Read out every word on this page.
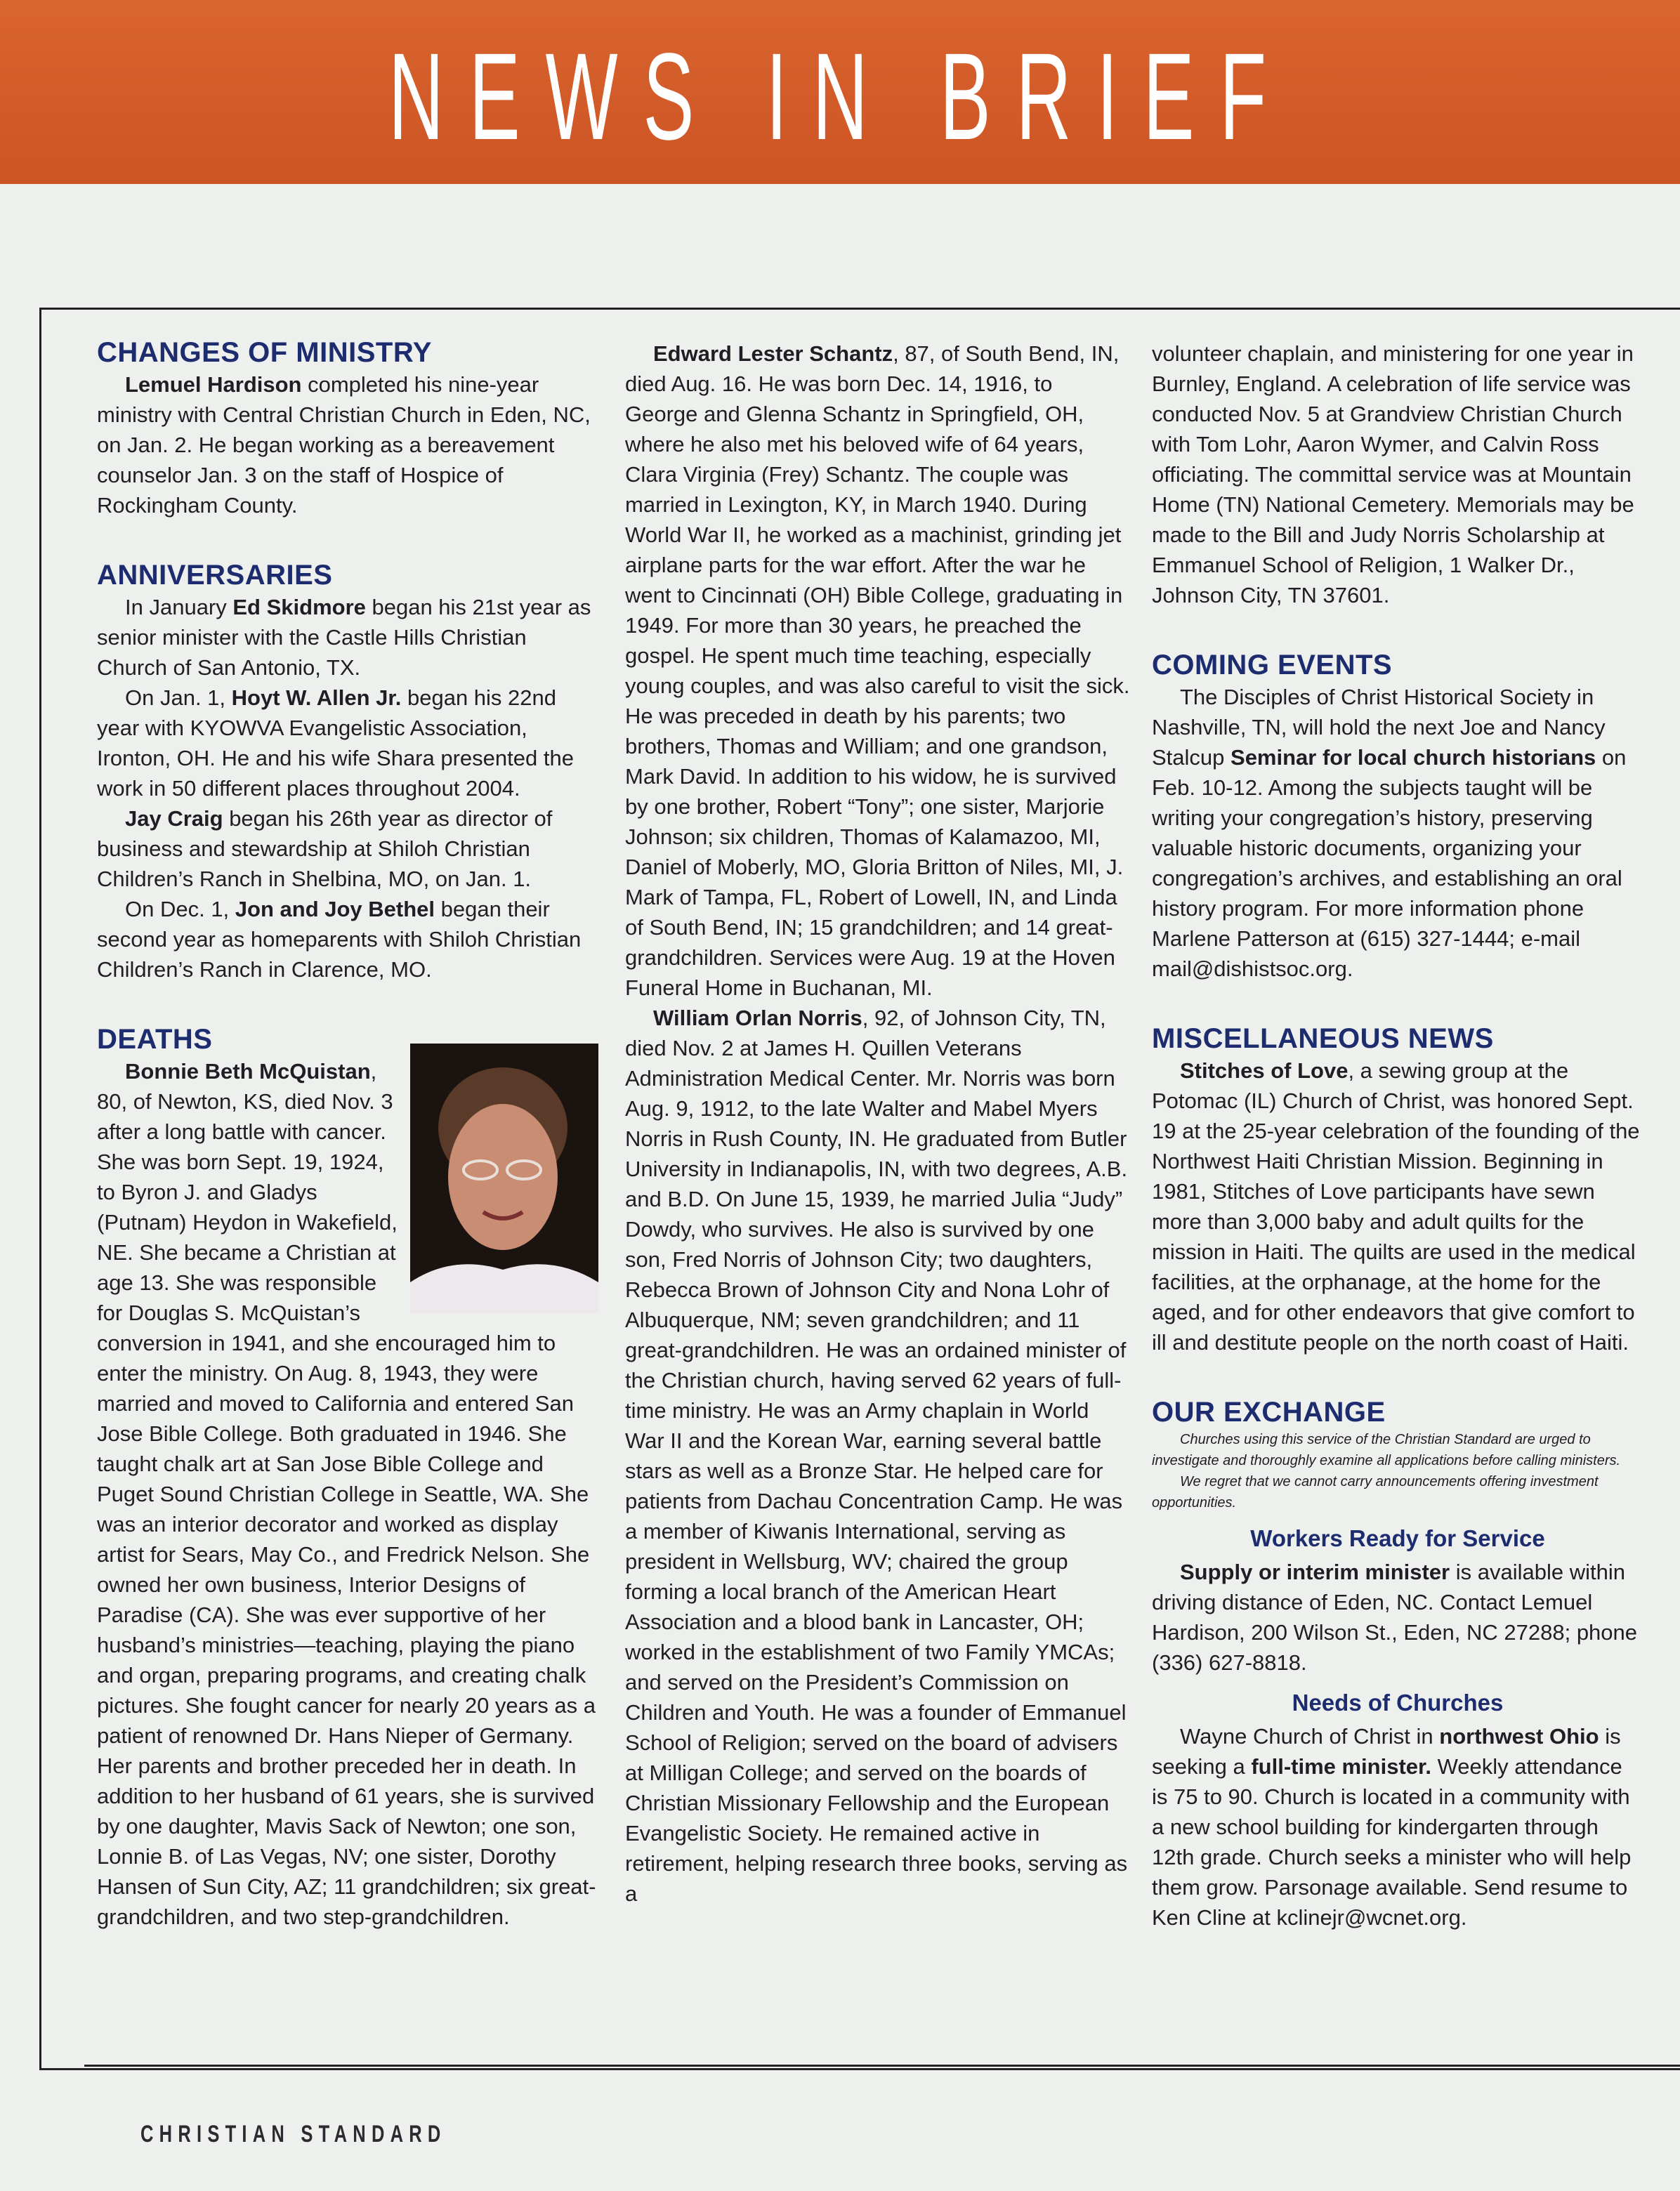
NEWS IN BRIEF
CHANGES OF MINISTRY

Lemuel Hardison completed his nine-year ministry with Central Christian Church in Eden, NC, on Jan. 2. He began working as a bereavement counselor Jan. 3 on the staff of Hospice of Rockingham County.

ANNIVERSARIES

In January Ed Skidmore began his 21st year as senior minister with the Castle Hills Christian Church of San Antonio, TX.

On Jan. 1, Hoyt W. Allen Jr. began his 22nd year with KYOWVA Evangelistic Association, Ironton, OH. He and his wife Shara presented the work in 50 different places throughout 2004.

Jay Craig began his 26th year as director of business and stewardship at Shiloh Christian Children’s Ranch in Shelbina, MO, on Jan. 1.

On Dec. 1, Jon and Joy Bethel began their second year as homeparents with Shiloh Christian Children’s Ranch in Clarence, MO.

DEATHS

Bonnie Beth McQuistan, 80, of Newton, KS, died Nov. 3 after a long battle with cancer. She was born Sept. 19, 1924, to Byron J. and Gladys (Putnam) Heydon in Wakefield, NE. She became a Christian at age 13. She was responsible for Douglas S. McQuistan’s conversion in 1941, and she encouraged him to enter the ministry. On Aug. 8, 1943, they were married and moved to California and entered San Jose Bible College. Both graduated in 1946. She taught chalk art at San Jose Bible College and Puget Sound Christian College in Seattle, WA. She was an interior decorator and worked as display artist for Sears, May Co., and Fredrick Nelson. She owned her own business, Interior Designs of Paradise (CA). She was ever supportive of her husband’s ministries—teaching, playing the piano and organ, preparing programs, and creating chalk pictures. She fought cancer for nearly 20 years as a patient of renowned Dr. Hans Nieper of Germany. Her parents and brother preceded her in death. In addition to her husband of 61 years, she is survived by one daughter, Mavis Sack of Newton; one son, Lonnie B. of Las Vegas, NV; one sister, Dorothy Hansen of Sun City, AZ; 11 grandchildren; six great-grandchildren, and two step-grandchildren.

Edward Lester Schantz, 87, of South Bend, IN, died Aug. 16. He was born Dec. 14, 1916, to George and Glenna Schantz in Springfield, OH, where he also met his beloved wife of 64 years, Clara Virginia (Frey) Schantz. The couple was married in Lexington, KY, in March 1940. During World War II, he worked as a machinist, grinding jet airplane parts for the war effort. After the war he went to Cincinnati (OH) Bible College, graduating in 1949. For more than 30 years, he preached the gospel. He spent much time teaching, especially young couples, and was also careful to visit the sick. He was preceded in death by his parents; two brothers, Thomas and William; and one grandson, Mark David. In addition to his widow, he is survived by one brother, Robert “Tony”; one sister, Marjorie Johnson; six children, Thomas of Kalamazoo, MI, Daniel of Moberly, MO, Gloria Britton of Niles, MI, J. Mark of Tampa, FL, Robert of Lowell, IN, and Linda of South Bend, IN; 15 grandchildren; and 14 great-grandchildren. Services were Aug. 19 at the Hoven Funeral Home in Buchanan, MI.

William Orlan Norris, 92, of Johnson City, TN, died Nov. 2 at James H. Quillen Veterans Administration Medical Center. Mr. Norris was born Aug. 9, 1912, to the late Walter and Mabel Myers Norris in Rush County, IN. He graduated from Butler University in Indianapolis, IN, with two degrees, A.B. and B.D. On June 15, 1939, he married Julia “Judy” Dowdy, who survives. He also is survived by one son, Fred Norris of Johnson City; two daughters, Rebecca Brown of Johnson City and Nona Lohr of Albuquerque, NM; seven grandchildren; and 11 great-grandchildren. He was an ordained minister of the Christian church, having served 62 years of full-time ministry. He was an Army chaplain in World War II and the Korean War, earning several battle stars as well as a Bronze Star. He helped care for patients from Dachau Concentration Camp. He was a member of Kiwanis International, serving as president in Wellsburg, WV; chaired the group forming a local branch of the American Heart Association and a blood bank in Lancaster, OH; worked in the establishment of two Family YMCAs; and served on the President’s Commission on Children and Youth. He was a founder of Emmanuel School of Religion; served on the board of advisers at Milligan College; and served on the boards of Christian Missionary Fellowship and the European Evangelistic Society. He remained active in retirement, helping research three books, serving as a

volunteer chaplain, and ministering for one year in Burnley, England. A celebration of life service was conducted Nov. 5 at Grandview Christian Church with Tom Lohr, Aaron Wymer, and Calvin Ross officiating. The committal service was at Mountain Home (TN) National Cemetery. Memorials may be made to the Bill and Judy Norris Scholarship at Emmanuel School of Religion, 1 Walker Dr., Johnson City, TN 37601.

COMING EVENTS

The Disciples of Christ Historical Society in Nashville, TN, will hold the next Joe and Nancy Stalcup Seminar for local church historians on Feb. 10-12. Among the subjects taught will be writing your congregation’s history, preserving valuable historic documents, organizing your congregation’s archives, and establishing an oral history program. For more information phone Marlene Patterson at (615) 327-1444; e-mail mail@dishistsoc.org.

MISCELLANEOUS NEWS

Stitches of Love, a sewing group at the Potomac (IL) Church of Christ, was honored Sept. 19 at the 25-year celebration of the founding of the Northwest Haiti Christian Mission. Beginning in 1981, Stitches of Love participants have sewn more than 3,000 baby and adult quilts for the mission in Haiti. The quilts are used in the medical facilities, at the orphanage, at the home for the aged, and for other endeavors that give comfort to ill and destitute people on the north coast of Haiti.

OUR EXCHANGE

Churches using this service of the Christian Standard are urged to investigate and thoroughly examine all applications before calling ministers.

We regret that we cannot carry announcements offering investment opportunities.

Workers Ready for Service

Supply or interim minister is available within driving distance of Eden, NC. Contact Lemuel Hardison, 200 Wilson St., Eden, NC 27288; phone (336) 627-8818.

Needs of Churches

Wayne Church of Christ in northwest Ohio is seeking a full-time minister. Weekly attendance is 75 to 90. Church is located in a community with a new school building for kindergarten through 12th grade. Church seeks a minister who will help them grow. Parsonage available. Send resume to Ken Cline at kclinejr@wcnet.org.

CHRISTIAN STANDARD
